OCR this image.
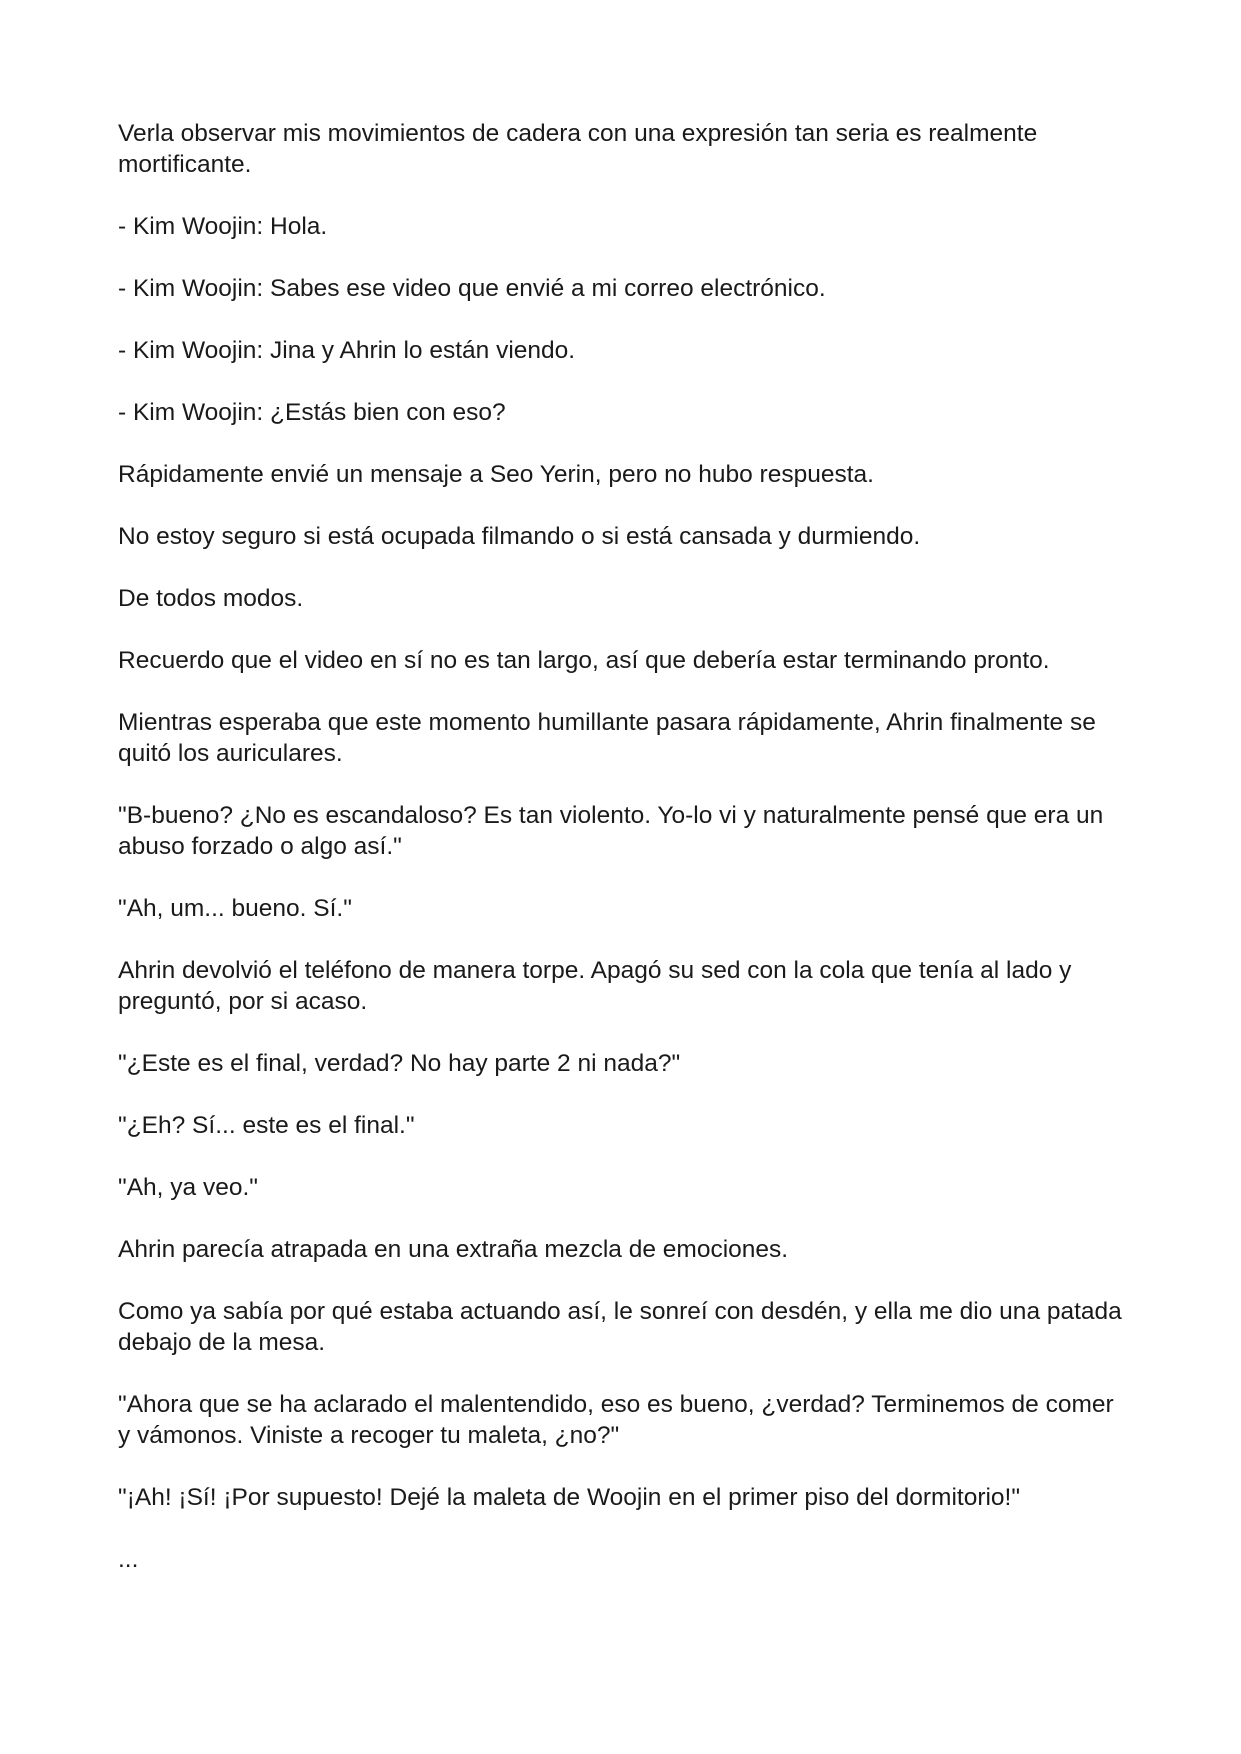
Verla observar mis movimientos de cadera con una expresión tan seria es realmente mortificante.

- Kim Woojin: Hola.

- Kim Woojin: Sabes ese video que envié a mi correo electrónico.

- Kim Woojin: Jina y Ahrin lo están viendo.

- Kim Woojin: ¿Estás bien con eso?

Rápidamente envié un mensaje a Seo Yerin, pero no hubo respuesta.

No estoy seguro si está ocupada filmando o si está cansada y durmiendo.

De todos modos.

Recuerdo que el video en sí no es tan largo, así que debería estar terminando pronto.

Mientras esperaba que este momento humillante pasara rápidamente, Ahrin finalmente se quitó los auriculares.

"B-bueno? ¿No es escandaloso? Es tan violento. Yo-lo vi y naturalmente pensé que era un abuso forzado o algo así."

"Ah, um... bueno. Sí."

Ahrin devolvió el teléfono de manera torpe. Apagó su sed con la cola que tenía al lado y preguntó, por si acaso.

"¿Este es el final, verdad? No hay parte 2 ni nada?"

"¿Eh? Sí... este es el final."

"Ah, ya veo."

Ahrin parecía atrapada en una extraña mezcla de emociones.

Como ya sabía por qué estaba actuando así, le sonreí con desdén, y ella me dio una patada debajo de la mesa.

"Ahora que se ha aclarado el malentendido, eso es bueno, ¿verdad? Terminemos de comer y vámonos. Viniste a recoger tu maleta, ¿no?"

"¡Ah! ¡Sí! ¡Por supuesto! Dejé la maleta de Woojin en el primer piso del dormitorio!"

...
